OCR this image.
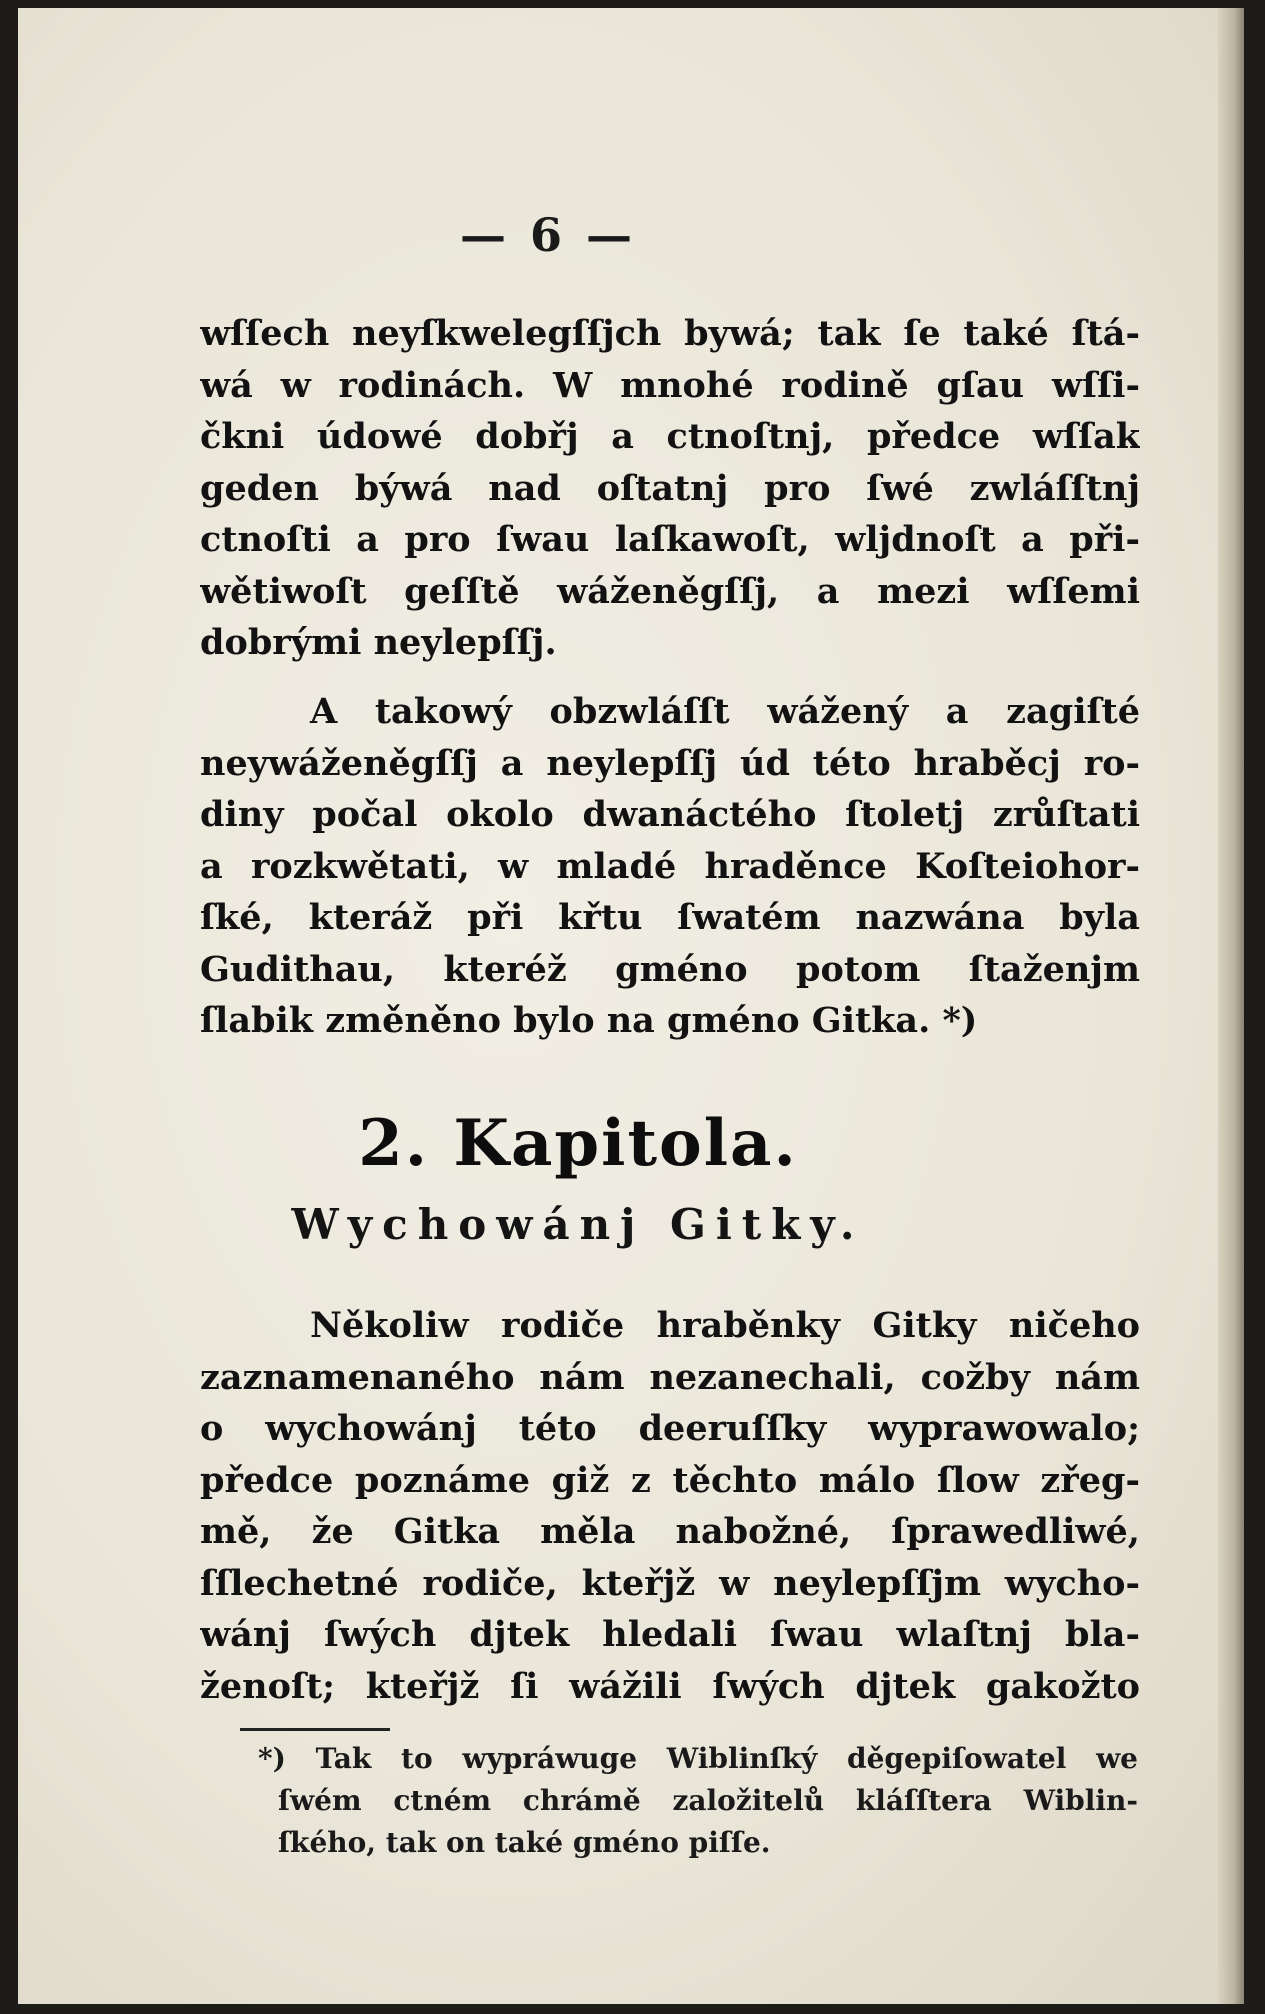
— 6 —
wſſech neyſkwelegſſjch bywá; tak ſe také ſtá-
wá w rodinách. W mnohé rodině gſau wſſi-
čkni údowé dobřj a ctnoſtnj, předce wſſak
geden býwá nad oſtatnj pro ſwé zwláſſtnj
ctnoſti a pro ſwau laſkawoſt, wljdnoſt a při-
wětiwoſt geſſtě wáženěgſſj, a mezi wſſemi
dobrými neylepſſj.
A takowý obzwláſſt wážený a zagiſté
neywáženěgſſj a neylepſſj úd této hraběcj ro-
diny počal okolo dwanáctého ſtoletj zrůſtati
a rozkwětati, w mladé hraděnce Koſteiohor-
ſké, kteráž při křtu ſwatém nazwána byla
Gudithau, kteréž gméno potom ſtaženjm
ſlabik změněno bylo na gméno Gitka. *)
2. Kapitola.
Wychowánj Gitky.
Několiw rodiče hraběnky Gitky ničeho
zaznamenaného nám nezanechali, cožby nám
o wychowánj této deeruſſky wyprawowalo;
předce poznáme giž z těchto málo ſlow zřeg-
mě, že Gitka měla nabožné, ſprawedliwé,
ſſlechetné rodiče, kteřjž w neylepſſjm wycho-
wánj ſwých djtek hledali ſwau wlaſtnj bla-
ženoſt; kteřjž ſi wážili ſwých djtek gakožto
*) Tak to wypráwuge Wiblinſký děgepiſowatel we
ſwém ctném chrámě založitelů kláſſtera Wiblin-
ſkého, tak on také gméno piſſe.
